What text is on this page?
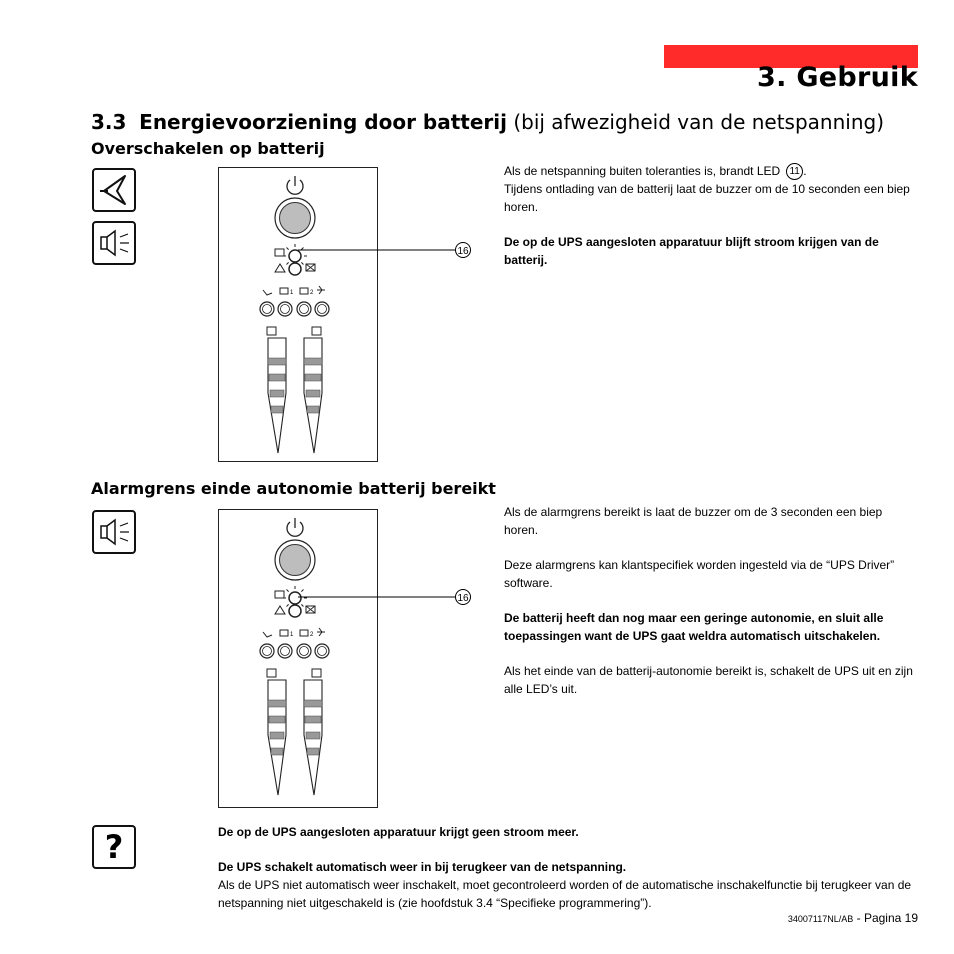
3. Gebruik
3.3 Energievoorziening door batterij (bij afwezigheid van de netspanning)
Overschakelen op batterij
1	2
16
Als de netspanning buiten toleranties is, brandt LED 11 .

Tijdens ontlading van de batterij laat de buzzer om de 10 seconden een biep horen.

De op de UPS aangesloten apparatuur blijft stroom krijgen van de batterij.

Alarmgrens einde autonomie batterij bereikt
1	2
16

Als de alarmgrens bereikt is laat de buzzer om de 3 seconden een biep horen.

Deze alarmgrens kan klantspecifiek worden ingesteld via de “UPS Driver” software.

De batterij heeft dan nog maar een geringe autonomie, en sluit alle toepassingen want de UPS gaat weldra automatisch uitschakelen.

Als het einde van de batterij-autonomie bereikt is, schakelt de UPS uit en zijn alle LED’s uit.

?	De op de UPS aangesloten apparatuur krijgt geen stroom meer.

De UPS schakelt automatisch weer in bij terugkeer van de netspanning.
Als de UPS niet automatisch weer inschakelt, moet gecontroleerd worden of de automatische inschakelfunctie bij terugkeer van de netspanning niet uitgeschakeld is (zie hoofdstuk 3.4 “Specifieke programmering”).
34007117NL/AB - Pagina 19
